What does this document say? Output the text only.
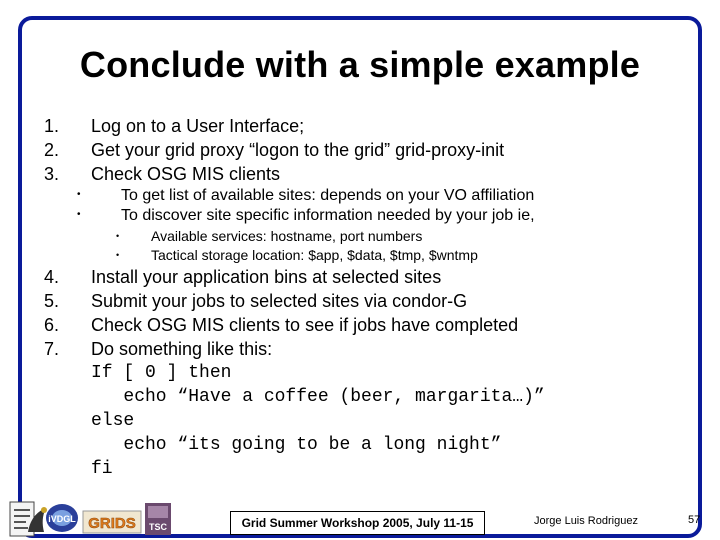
Conclude with a simple example
1. Log on to a User Interface;
2. Get your grid proxy “logon to the grid” grid-proxy-init
3. Check OSG MIS clients
•	To get list of available sites: depends on your VO affiliation
•	To discover site specific information needed by your job ie,
• Available services: hostname, port numbers
• Tactical storage location: $app, $data, $tmp, $wntmp
4. Install your application bins at selected sites
5. Submit your jobs to selected sites via condor-G
6. Check OSG MIS clients to see if jobs have completed
7. Do something like this:
If [ 0 ] then
echo “Have a coffee (beer, margarita…)”
else
echo “its going to be a long night”
fi
iVDGL GRIDS TSC	Grid Summer Workshop 2005, July 11-15	Jorge Luis Rodriguez	57
